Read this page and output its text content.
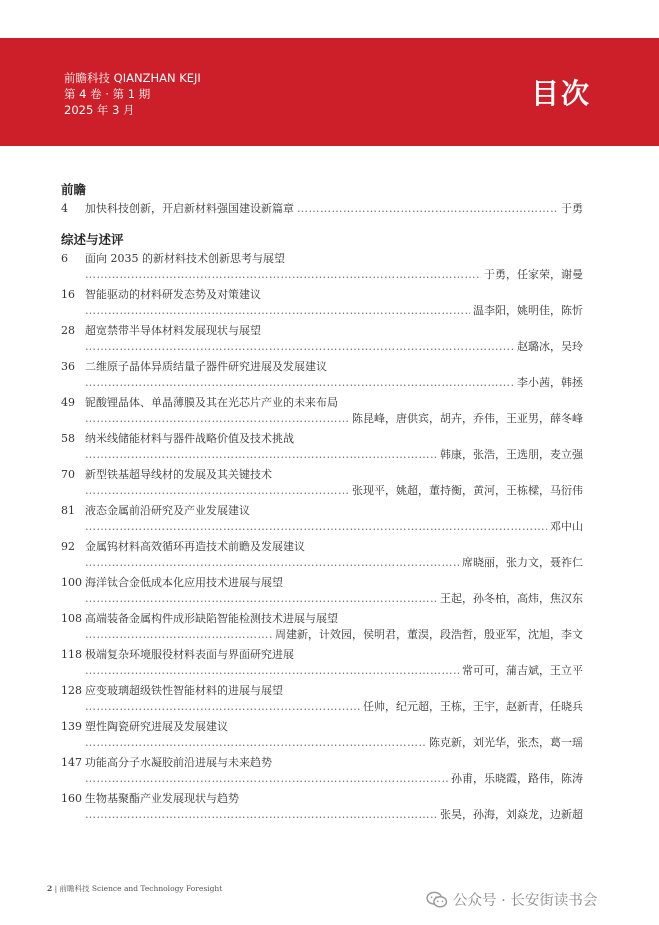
前瞻科技 QIANZHAN KEJI
第 4 卷 · 第 1 期
2025 年 3 月	目次
前瞻
4	加快科技创新，开启新材料强国建设新篇章
……………………………………………………………………………………………………………………………………………………………………………………………………	于勇
综述与述评
6	面向 2035 的新材料技术创新思考与展望
……………………………………………………………………………………………………………………………………………………………………………………………………
于勇，任家荣，谢曼
16 智能驱动的材料研发态势及对策建议
……………………………………………………………………………………………………………………………………………………………………………………………………
温李阳，姚明佳，陈忻
28 超宽禁带半导体材料发展现状与展望
……………………………………………………………………………………………………………………………………………………………………………………………………
赵璐冰，吴玲
36 二维原子晶体异质结量子器件研究进展及发展建议
……………………………………………………………………………………………………………………………………………………………………………………………………
李小茜，韩拯
49 铌酸锂晶体、单晶薄膜及其在光芯片产业的未来布局
……………………………………………………………………………………………………………………………………………………………………………………………………
陈昆峰，唐供宾，胡卉，乔伟，王亚男，薛冬峰
58 纳米线储能材料与器件战略价值及技术挑战
……………………………………………………………………………………………………………………………………………………………………………………………………
韩康，张浩，王选朋，麦立强
70 新型铁基超导线材的发展及其关键技术
……………………………………………………………………………………………………………………………………………………………………………………………………
张现平，姚超，董持衡，黄河，王栋樑，马衍伟
81 液态金属前沿研究及产业发展建议
……………………………………………………………………………………………………………………………………………………………………………………………………
邓中山
92 金属钨材料高效循环再造技术前瞻及发展建议
……………………………………………………………………………………………………………………………………………………………………………………………………
席晓丽，张力文，聂祚仁
100 海洋钛合金低成本化应用技术进展与展望
……………………………………………………………………………………………………………………………………………………………………………………………………
王起，孙冬柏，高炜，焦汉东
108 高端装备金属构件成形缺陷智能检测技术进展与展望
……………………………………………………………………………………………………………………………………………………………………………………………………
周建新，计效园，侯明君，董淏，段浩哲，殷亚军，沈旭，李文
118 极端复杂环境服役材料表面与界面研究进展
……………………………………………………………………………………………………………………………………………………………………………………………………
常可可，蒲吉斌，王立平
128 应变玻璃超级铁性智能材料的进展与展望
……………………………………………………………………………………………………………………………………………………………………………………………………
任帅，纪元超，王栋，王宇，赵新青，任晓兵
139 塑性陶瓷研究进展及发展建议
……………………………………………………………………………………………………………………………………………………………………………………………………
陈克新，刘光华，张杰，葛一瑶
147 功能高分子水凝胶前沿进展与未来趋势
……………………………………………………………………………………………………………………………………………………………………………………………………
孙甫，乐晓霞，路伟，陈涛
160 生物基聚酯产业发展现状与趋势
……………………………………………………………………………………………………………………………………………………………………………………………………
张昊，孙海，刘焱龙，边新超
2 | 前瞻科技 Science and Technology Foresight
公众号 · 长安街读书会
